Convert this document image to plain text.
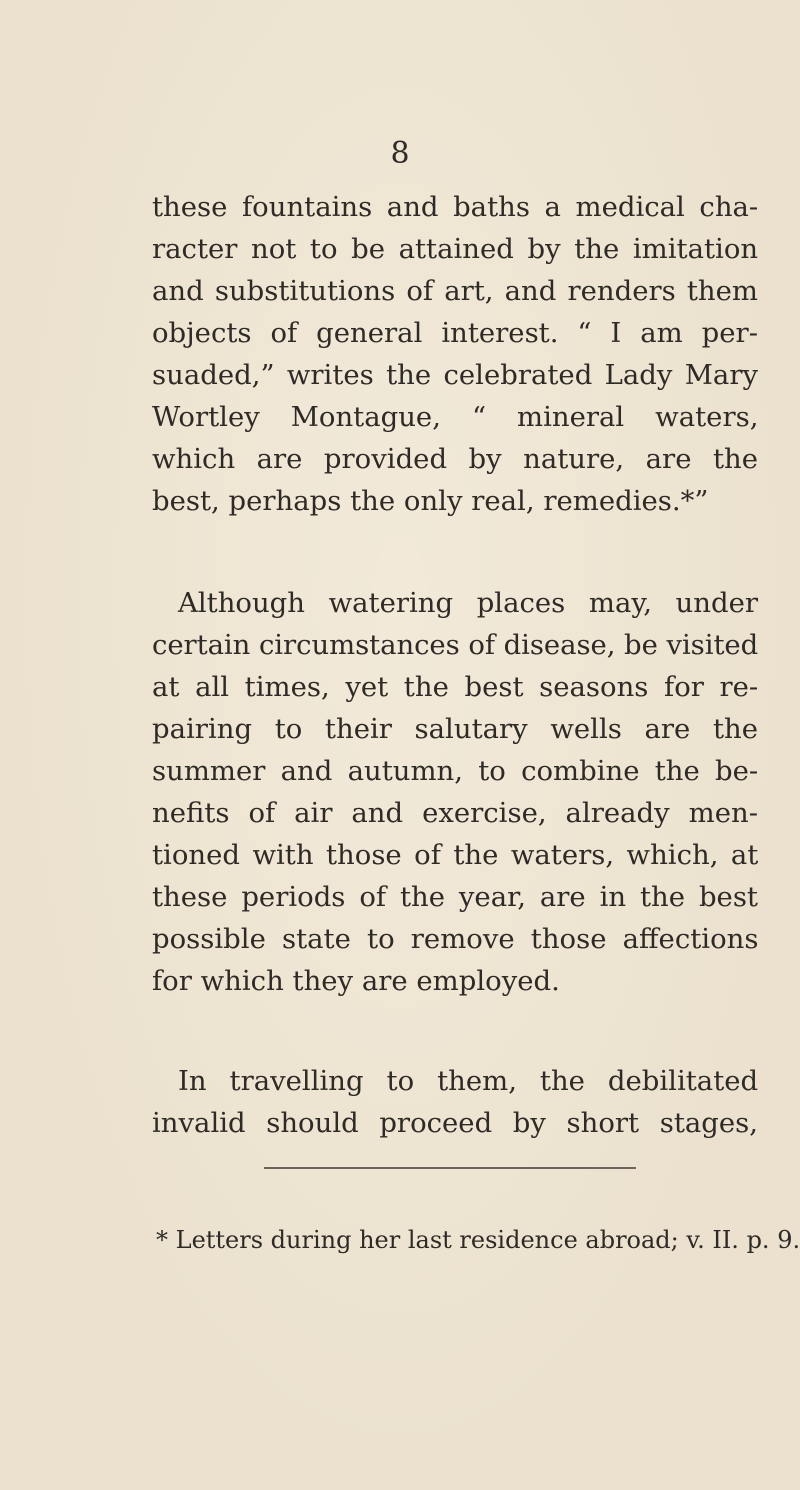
8
these fountains and baths a medical cha-
racter not to be attained by the imitation
and substitutions of art, and renders them
objects of general interest. “ I am per-
suaded,” writes the celebrated Lady Mary
Wortley Montague, “ mineral waters,
which are provided by nature, are the
best, perhaps the only real, remedies.*”
Although watering places may, under
certain circumstances of disease, be visited
at all times, yet the best seasons for re-
pairing to their salutary wells are the
summer and autumn, to combine the be-
nefits of air and exercise, already men-
tioned with those of the waters, which, at
these periods of the year, are in the best
possible state to remove those affections
for which they are employed.
In travelling to them, the debilitated
invalid should proceed by short stages,
* Letters during her last residence abroad; v. II. p. 9.
